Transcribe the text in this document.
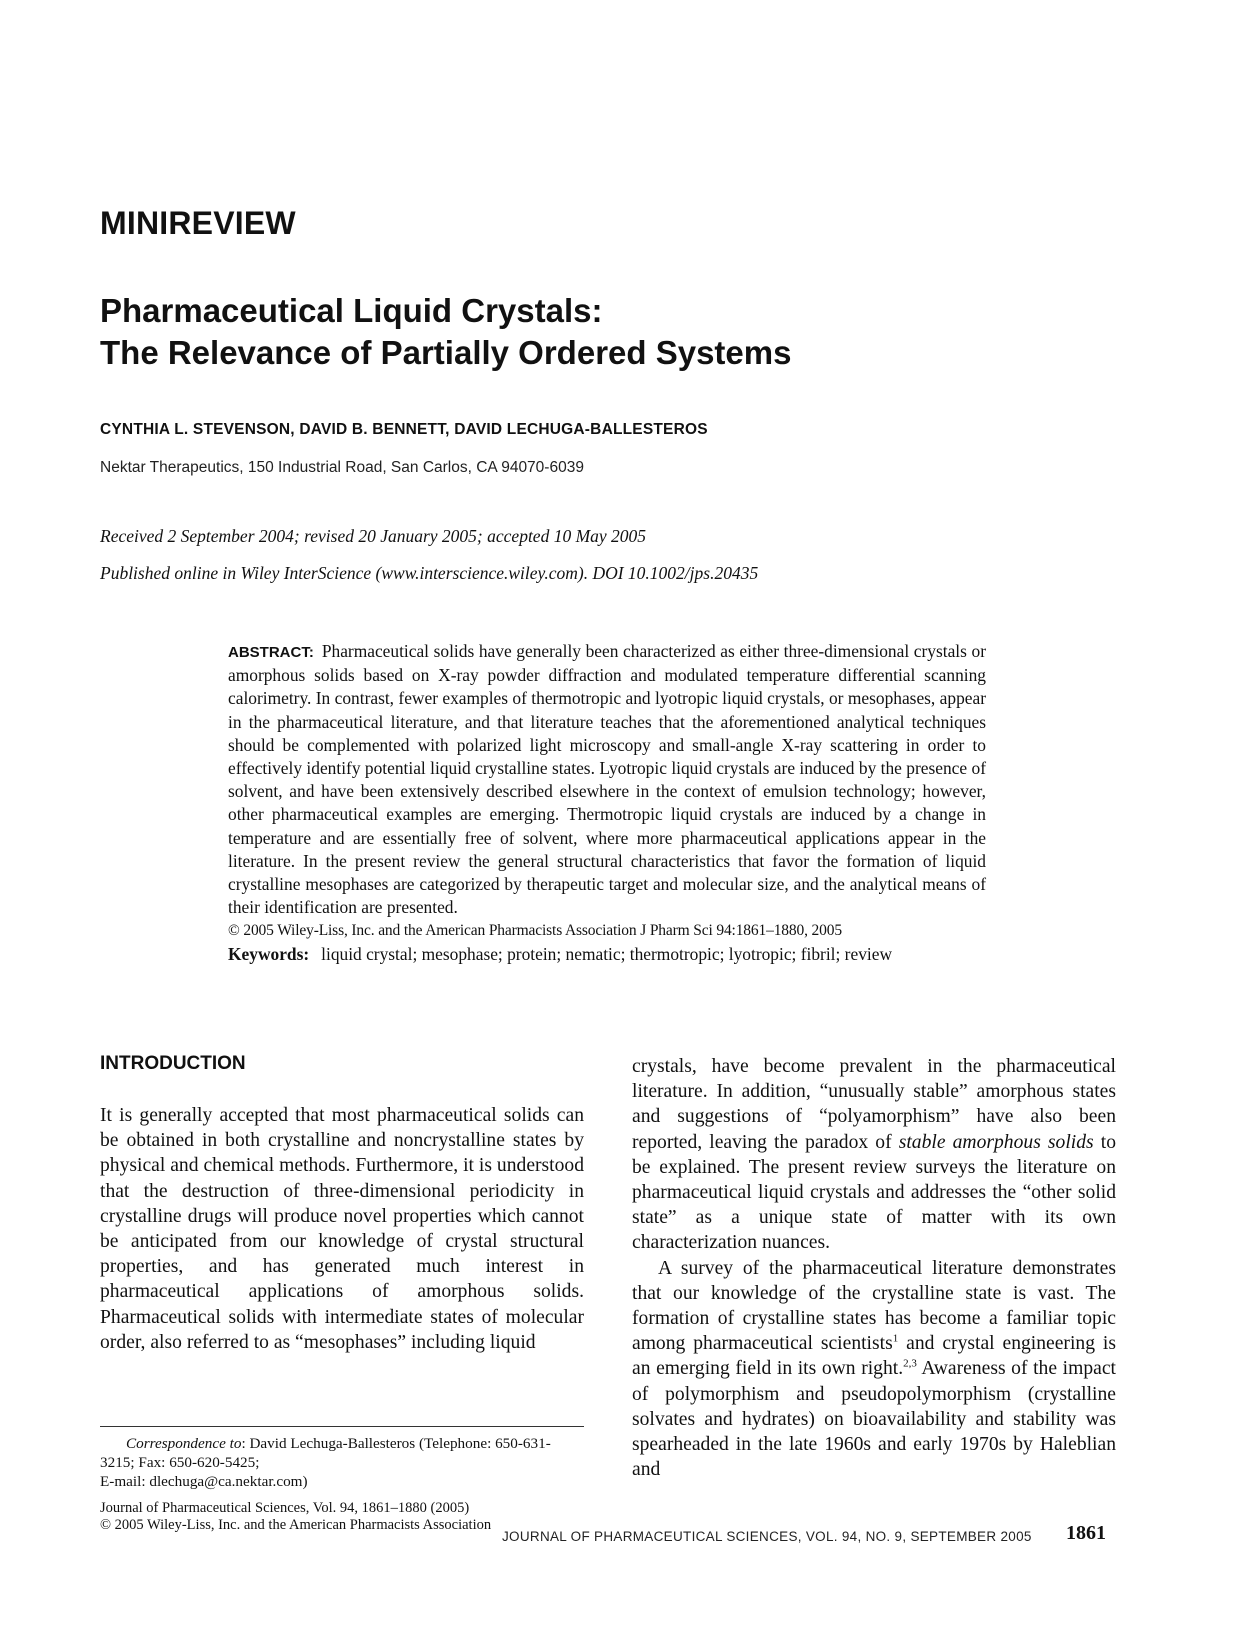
MINIREVIEW
Pharmaceutical Liquid Crystals:
The Relevance of Partially Ordered Systems
CYNTHIA L. STEVENSON, DAVID B. BENNETT, DAVID LECHUGA-BALLESTEROS
Nektar Therapeutics, 150 Industrial Road, San Carlos, CA 94070-6039
Received 2 September 2004; revised 20 January 2005; accepted 10 May 2005
Published online in Wiley InterScience (www.interscience.wiley.com). DOI 10.1002/jps.20435
ABSTRACT: Pharmaceutical solids have generally been characterized as either three-dimensional crystals or amorphous solids based on X-ray powder diffraction and modulated temperature differential scanning calorimetry. In contrast, fewer examples of thermotropic and lyotropic liquid crystals, or mesophases, appear in the pharmaceutical literature, and that literature teaches that the aforementioned analytical techniques should be complemented with polarized light microscopy and small-angle X-ray scattering in order to effectively identify potential liquid crystalline states. Lyotropic liquid crystals are induced by the presence of solvent, and have been extensively described elsewhere in the context of emulsion technology; however, other pharmaceutical examples are emerging. Thermotropic liquid crystals are induced by a change in temperature and are essentially free of solvent, where more pharmaceutical applications appear in the literature. In the present review the general structural characteristics that favor the formation of liquid crystalline mesophases are categorized by therapeutic target and molecular size, and the analytical means of their identification are presented.
© 2005 Wiley-Liss, Inc. and the American Pharmacists Association J Pharm Sci 94:1861–1880, 2005
Keywords: liquid crystal; mesophase; protein; nematic; thermotropic; lyotropic; fibril; review
INTRODUCTION

It is generally accepted that most pharmaceutical solids can be obtained in both crystalline and noncrystalline states by physical and chemical methods. Furthermore, it is understood that the destruction of three-dimensional periodicity in crystalline drugs will produce novel properties which cannot be anticipated from our knowledge of crystal structural properties, and has generated much interest in pharmaceutical applications of amorphous solids. Pharmaceutical solids with intermediate states of molecular order, also referred to as “mesophases” including liquid

crystals, have become prevalent in the pharmaceutical literature. In addition, “unusually stable” amorphous states and suggestions of “polyamorphism” have also been reported, leaving the paradox of stable amorphous solids to be explained. The present review surveys the literature on pharmaceutical liquid crystals and addresses the “other solid state” as a unique state of matter with its own characterization nuances.

A survey of the pharmaceutical literature demonstrates that our knowledge of the crystalline state is vast. The formation of crystalline states has become a familiar topic among pharmaceutical scientists$^1$ and crystal engineering is an emerging field in its own right.$^{2,3}$ Awareness of the impact of polymorphism and pseudopolymorphism (crystalline solvates and hydrates) on bioavailability and stability was spearheaded in the late 1960s and early 1970s by Haleblian and

Correspondence to: David Lechuga-Ballesteros (Telephone: 650-631-3215; Fax: 650-620-5425;
E-mail: dlechuga@ca.nektar.com)
Journal of Pharmaceutical Sciences, Vol. 94, 1861–1880 (2005)
© 2005 Wiley-Liss, Inc. and the American Pharmacists Association
JOURNAL OF PHARMACEUTICAL SCIENCES, VOL. 94, NO. 9, SEPTEMBER 2005 1861
